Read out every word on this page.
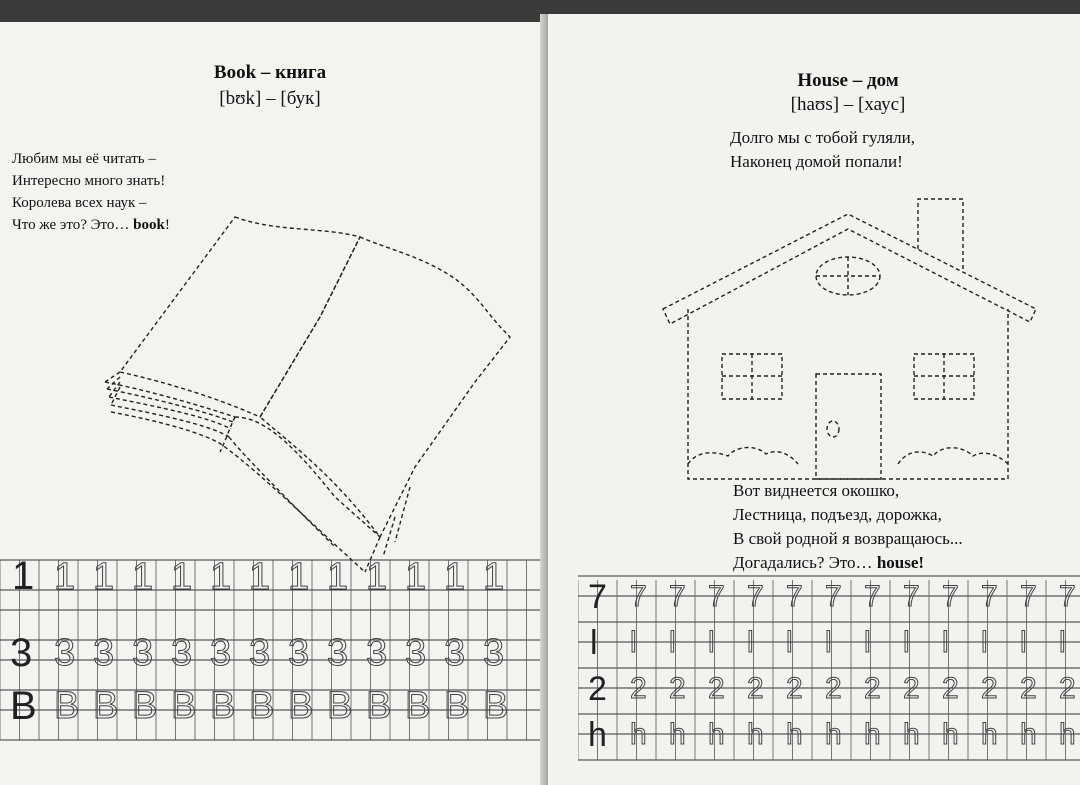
Book – книга
[bʊk] – [бук]
Любим мы её читать –
Интересно много знать!
Королева всех наук –
Что же это? Это… book!
1
3
B
1 1 1 1 1 1 1 1 1 1 1 1
3 3 3 3 3 3 3 3 3 3 3 3
B B B B B B B B B B B B
House – дом
[haʊs] – [хаус]
Долго мы с тобой гуляли,
Наконец домой попали!
Вот виднеется окошко,
Лестница, подъезд, дорожка,
В свой родной я возвращаюсь...
Догадались? Это… house!
7
l
2
h
7 7 7 7 7 7 7 7 7 7 7 7
l l l l l l l l l l l l
2 2 2 2 2 2 2 2 2 2 2 2
h h h h h h h h h h h h
